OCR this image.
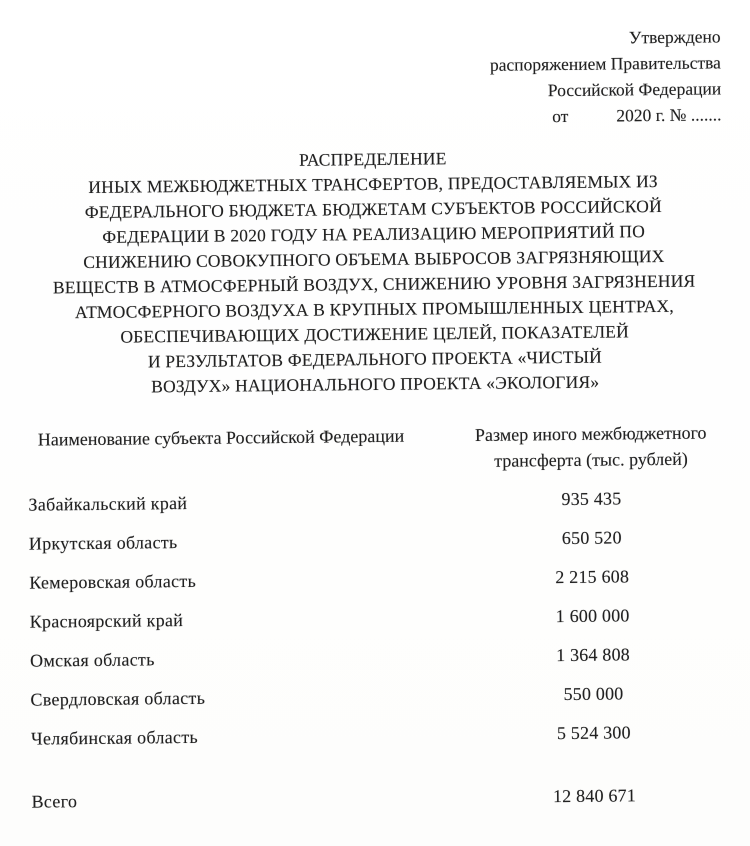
Утверждено
распоряжением Правительства
Российской Федерации
от	2020 г. № .......
РАСПРЕДЕЛЕНИЕ
ИНЫХ МЕЖБЮДЖЕТНЫХ ТРАНСФЕРТОВ, ПРЕДОСТАВЛЯЕМЫХ ИЗ
ФЕДЕРАЛЬНОГО БЮДЖЕТА БЮДЖЕТАМ СУБЪЕКТОВ РОССИЙСКОЙ
ФЕДЕРАЦИИ В 2020 ГОДУ НА РЕАЛИЗАЦИЮ МЕРОПРИЯТИЙ ПО
СНИЖЕНИЮ СОВОКУПНОГО ОБЪЕМА ВЫБРОСОВ ЗАГРЯЗНЯЮЩИХ
ВЕЩЕСТВ В АТМОСФЕРНЫЙ ВОЗДУХ, СНИЖЕНИЮ УРОВНЯ ЗАГРЯЗНЕНИЯ
АТМОСФЕРНОГО ВОЗДУХА В КРУПНЫХ ПРОМЫШЛЕННЫХ ЦЕНТРАХ,
ОБЕСПЕЧИВАЮЩИХ ДОСТИЖЕНИЕ ЦЕЛЕЙ, ПОКАЗАТЕЛЕЙ
И РЕЗУЛЬТАТОВ ФЕДЕРАЛЬНОГО ПРОЕКТА «ЧИСТЫЙ
ВОЗДУХ» НАЦИОНАЛЬНОГО ПРОЕКТА «ЭКОЛОГИЯ»
Наименование субъекта Российской Федерации	Размер иного межбюджетного трансферта (тыс. рублей)
Забайкальский край	935 435
Иркутская область	650 520
Кемеровская область	2 215 608
Красноярский край	1 600 000
Омская область	1 364 808
Свердловская область	550 000
Челябинская область	5 524 300
Всего	12 840 671
